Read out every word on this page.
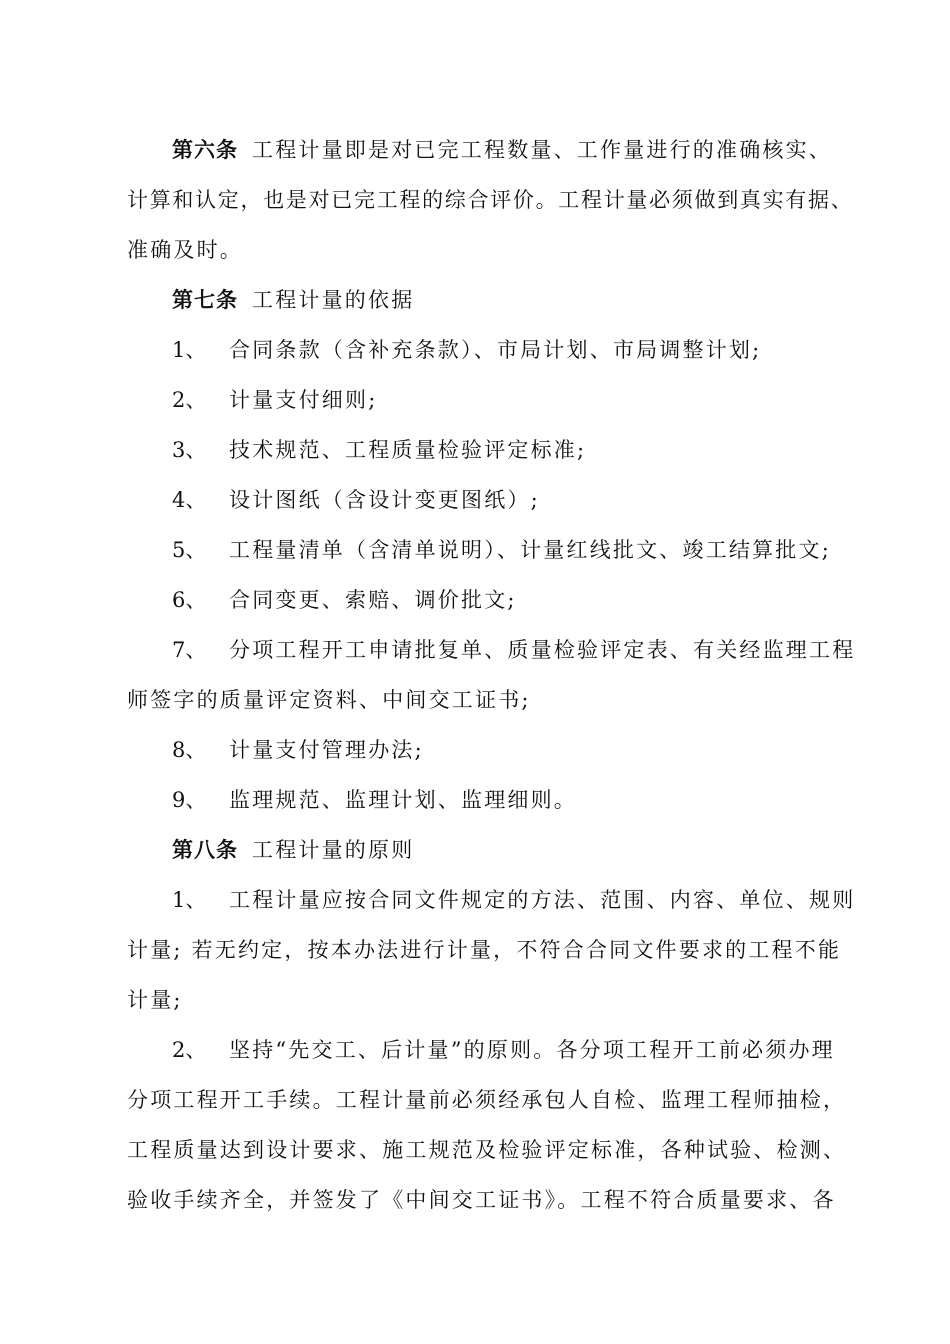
第六条 工程计量即是对已完工程数量、工作量进行的准确核实、
计算和认定，也是对已完工程的综合评价。工程计量必须做到真实有据、
准确及时。
第七条 工程计量的依据
1、 合同条款（含补充条款）、市局计划、市局调整计划;
2、 计量支付细则;
3、 技术规范、工程质量检验评定标准;
4、 设计图纸（含设计变更图纸）;
5、 工程量清单（含清单说明）、计量红线批文、竣工结算批文;
6、 合同变更、索赔、调价批文;
7、 分项工程开工申请批复单、质量检验评定表、有关经监理工程
师签字的质量评定资料、中间交工证书;
8、 计量支付管理办法;
9、 监理规范、监理计划、监理细则。
第八条 工程计量的原则
1、 工程计量应按合同文件规定的方法、范围、内容、单位、规则
计量; 若无约定，按本办法进行计量，不符合合同文件要求的工程不能
计量;
2、 坚持“先交工、后计量”的原则。各分项工程开工前必须办理
分项工程开工手续。工程计量前必须经承包人自检、监理工程师抽检，
工程质量达到设计要求、施工规范及检验评定标准，各种试验、检测、
验收手续齐全，并签发了《中间交工证书》。工程不符合质量要求、各
